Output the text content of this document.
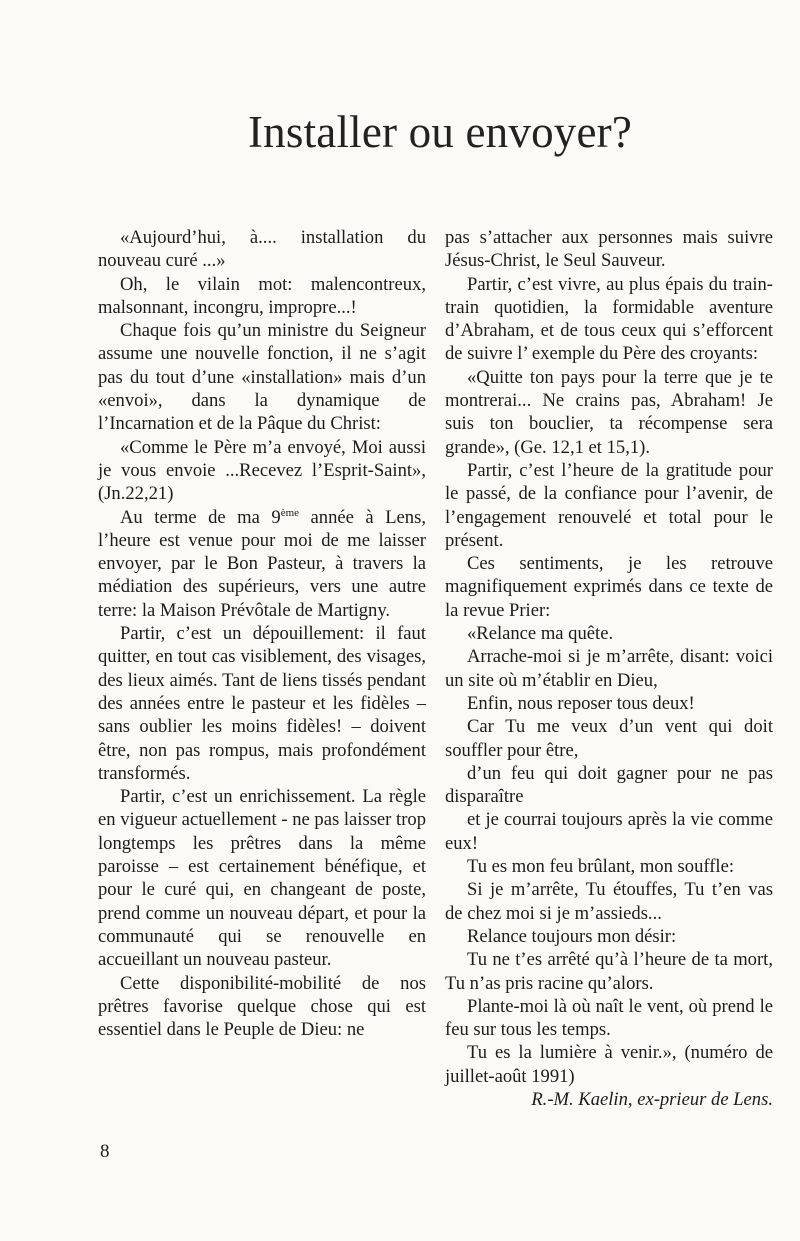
Installer ou envoyer?

«Aujourd’hui, à.... installation du nouveau curé ...»

Oh, le vilain mot: malencontreux, malsonnant, incongru, impropre...!

Chaque fois qu’un ministre du Seigneur assume une nouvelle fonction, il ne s’agit pas du tout d’une «installation» mais d’un «envoi», dans la dynamique de l’Incarnation et de la Pâque du Christ:

«Comme le Père m’a envoyé, Moi aussi je vous envoie ...Recevez l’Esprit-Saint», (Jn.22,21)

Au terme de ma 9ème année à Lens, l’heure est venue pour moi de me laisser envoyer, par le Bon Pasteur, à travers la médiation des supérieurs, vers une autre terre: la Maison Prévôtale de Martigny.

Partir, c’est un dépouillement: il faut quitter, en tout cas visiblement, des visages, des lieux aimés. Tant de liens tissés pendant des années entre le pasteur et les fidèles – sans oublier les moins fidèles! – doivent être, non pas rompus, mais profondément transformés.

Partir, c’est un enrichissement. La règle en vigueur actuellement - ne pas laisser trop longtemps les prêtres dans la même paroisse – est certainement bénéfique, et pour le curé qui, en changeant de poste, prend comme un nouveau départ, et pour la communauté qui se renouvelle en accueillant un nouveau pasteur.

Cette disponibilité-mobilité de nos prêtres favorise quelque chose qui est essentiel dans le Peuple de Dieu: ne

pas s’attacher aux personnes mais suivre Jésus-Christ, le Seul Sauveur.

Partir, c’est vivre, au plus épais du train-train quotidien, la formidable aventure d’Abraham, et de tous ceux qui s’efforcent de suivre l’ exemple du Père des croyants:

«Quitte ton pays pour la terre que je te montrerai... Ne crains pas, Abraham! Je suis ton bouclier, ta récompense sera grande», (Ge. 12,1 et 15,1).

Partir, c’est l’heure de la gratitude pour le passé, de la confiance pour l’avenir, de l’engagement renouvelé et total pour le présent.

Ces sentiments, je les retrouve magnifiquement exprimés dans ce texte de la revue Prier:

«Relance ma quête.

Arrache-moi si je m’arrête, disant: voici un site où m’établir en Dieu,

Enfin, nous reposer tous deux!

Car Tu me veux d’un vent qui doit souffler pour être,

d’un feu qui doit gagner pour ne pas disparaître

et je courrai toujours après la vie comme eux!

Tu es mon feu brûlant, mon souffle:

Si je m’arrête, Tu étouffes, Tu t’en vas de chez moi si je m’assieds...

Relance toujours mon désir:

Tu ne t’es arrêté qu’à l’heure de ta mort, Tu n’as pris racine qu’alors.

Plante-moi là où naît le vent, où prend le feu sur tous les temps.

Tu es la lumière à venir.», (numéro de juillet-août 1991)

R.-M. Kaelin, ex-prieur de Lens.

8
